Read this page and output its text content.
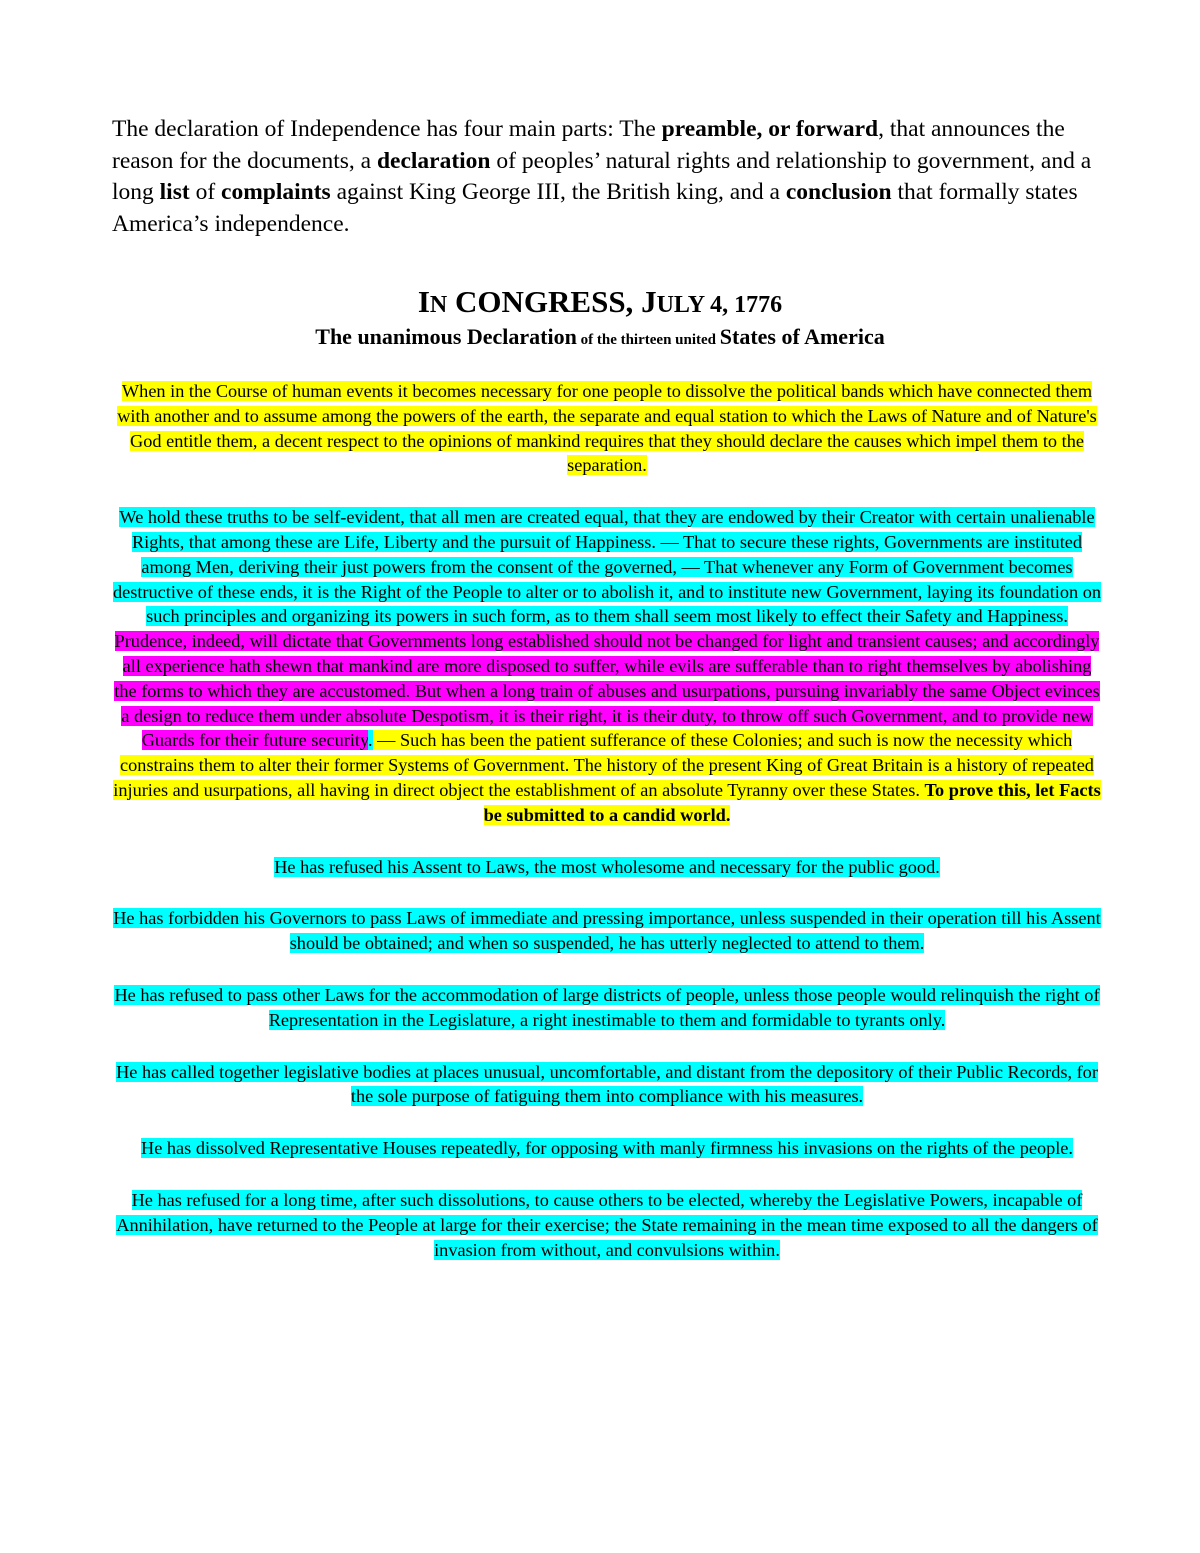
The declaration of Independence has four main parts: The preamble, or forward, that announces the reason for the documents, a declaration of peoples’ natural rights and relationship to government, and a long list of complaints against King George III, the British king, and a conclusion that formally states America’s independence.

IN CONGRESS, JULY 4, 1776
The unanimous Declaration of the thirteen united States of America

When in the Course of human events it becomes necessary for one people to dissolve the political bands which have connected them with another and to assume among the powers of the earth, the separate and equal station to which the Laws of Nature and of Nature's God entitle them, a decent respect to the opinions of mankind requires that they should declare the causes which impel them to the separation.

We hold these truths to be self-evident, that all men are created equal, that they are endowed by their Creator with certain unalienable Rights, that among these are Life, Liberty and the pursuit of Happiness. — That to secure these rights, Governments are instituted among Men, deriving their just powers from the consent of the governed, — That whenever any Form of Government becomes destructive of these ends, it is the Right of the People to alter or to abolish it, and to institute new Government, laying its foundation on such principles and organizing its powers in such form, as to them shall seem most likely to effect their Safety and Happiness. Prudence, indeed, will dictate that Governments long established should not be changed for light and transient causes; and accordingly all experience hath shewn that mankind are more disposed to suffer, while evils are sufferable than to right themselves by abolishing the forms to which they are accustomed. But when a long train of abuses and usurpations, pursuing invariably the same Object evinces a design to reduce them under absolute Despotism, it is their right, it is their duty, to throw off such Government, and to provide new Guards for their future security. — Such has been the patient sufferance of these Colonies; and such is now the necessity which constrains them to alter their former Systems of Government. The history of the present King of Great Britain is a history of repeated injuries and usurpations, all having in direct object the establishment of an absolute Tyranny over these States. To prove this, let Facts be submitted to a candid world.

He has refused his Assent to Laws, the most wholesome and necessary for the public good.

He has forbidden his Governors to pass Laws of immediate and pressing importance, unless suspended in their operation till his Assent should be obtained; and when so suspended, he has utterly neglected to attend to them.

He has refused to pass other Laws for the accommodation of large districts of people, unless those people would relinquish the right of Representation in the Legislature, a right inestimable to them and formidable to tyrants only.

He has called together legislative bodies at places unusual, uncomfortable, and distant from the depository of their Public Records, for the sole purpose of fatiguing them into compliance with his measures.

He has dissolved Representative Houses repeatedly, for opposing with manly firmness his invasions on the rights of the people.

He has refused for a long time, after such dissolutions, to cause others to be elected, whereby the Legislative Powers, incapable of Annihilation, have returned to the People at large for their exercise; the State remaining in the mean time exposed to all the dangers of invasion from without, and convulsions within.
